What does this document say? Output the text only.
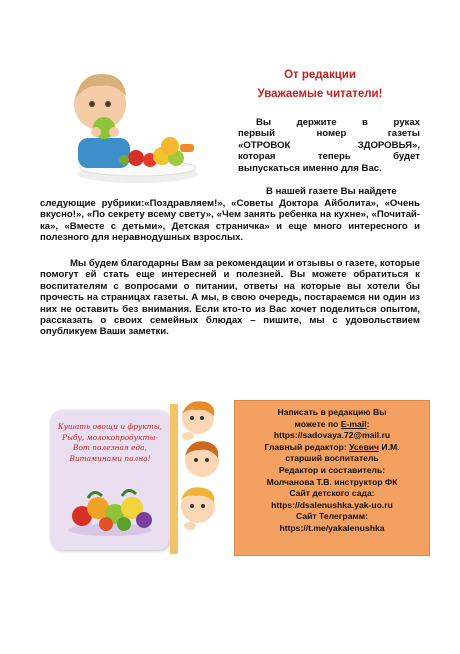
От редакции
Уважаемые читатели!
Вы держите в руках
первый номер газеты
«ОТРОВОК ЗДОРОВЬЯ»,
которая теперь будет
выпускаться именно для Вас.
В нашей газете Вы найдете
следующие рубрики:«Поздравляем!», «Советы Доктора Айболита», «Очень вкусно!», «По секрету всему свету», «Чем занять ребенка на кухне», «Почитай-ка», «Вместе с детьми», Детская страничка» и еще много интересного и полезного для неравнодушных взрослых.
Мы будем благодарны Вам за рекомендации и отзывы о газете, которые помогут ей стать еще интересней и полезней. Вы можете обратиться к воспитателям с вопросами о питании, ответы на которые вы хотели бы прочесть на страницах газеты. А мы, в свою очередь, постараемся ни один из них не оставить без внимания. Если кто-то из Вас хочет поделиться опытом, рассказать о своих семейных блюдах – пишите, мы с удовольствием опубликуем Ваши заметки.
Кушать овощи и фрукты,
Рыбу, молокопродукты-
Вот полезная еда,
Витаминами полна!
Написать в редакцию Вы
можете по E-mail:
https://sadovaya.72@mail.ru
Главный редактор: Усевич И.М.
старший воспитатель
Редактор и составитель:
Молчанова Т.В. инструктор ФК
Сайт детского сада:
https://dsalenushka.yak-uo.ru
Сайт Телеграмм:
https://t.me/yakalenushka
